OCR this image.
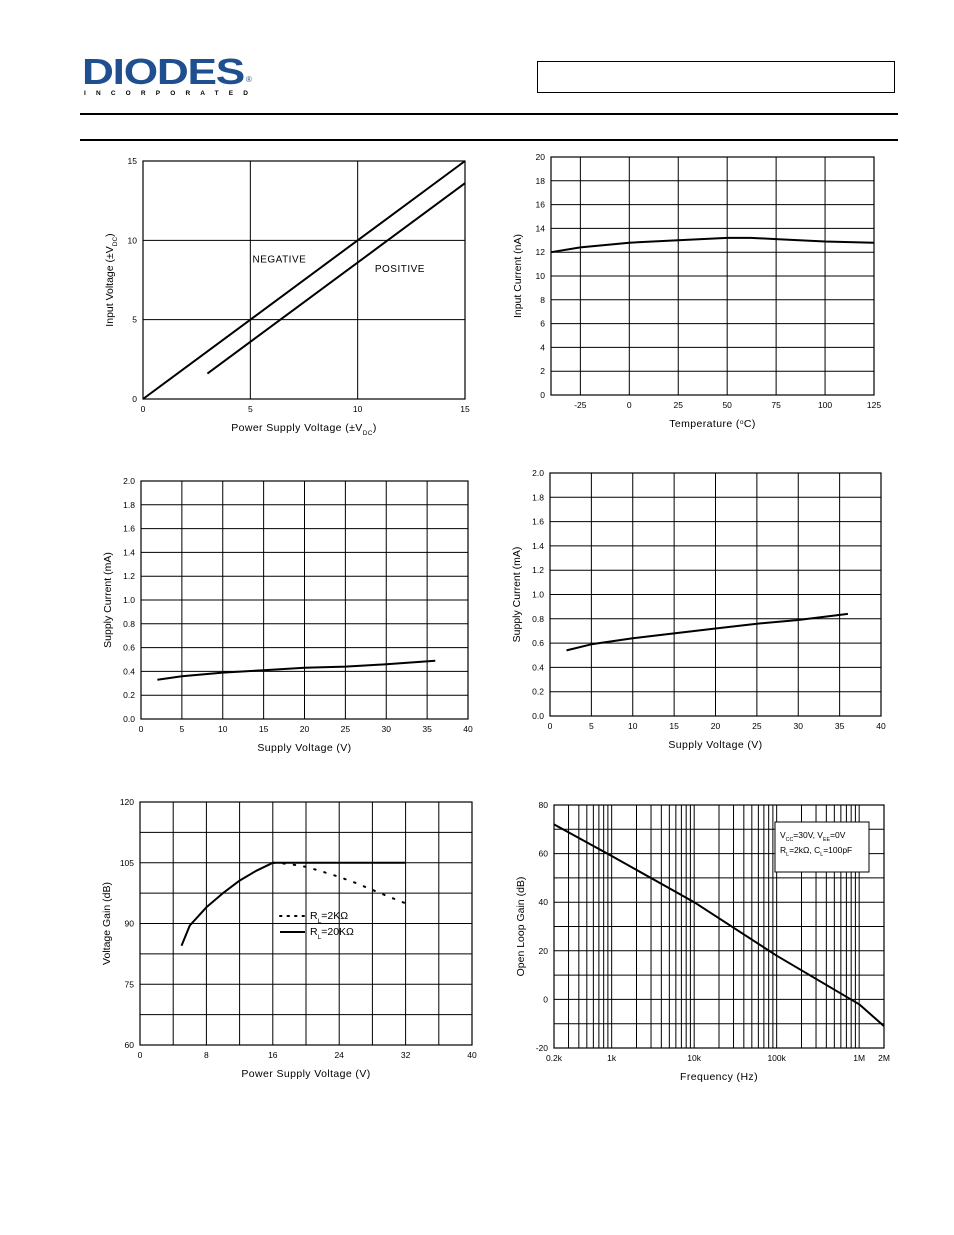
DIODES ®
INCORPORATED
0	5	10	15
0
5
10
15
Power Supply Voltage $(\pm V_{DC})$
Input Voltage $(\pm V_{DC})$
NEGATIVE
POSITIVE
-25	0	25	50	75	100	125
0
2
4
6
8
10
12
14
16
18
20
Temperature ($^o$C)
Input Current (nA)
0	5	10	15	20	25	30	35	40
0.0
0.2
0.4
0.6
0.8
1.0
1.2
1.4
1.6
1.8
2.0
Supply Voltage (V)
Supply Current (mA)
0	5	10	15	20	25	30	35	40
0.0
0.2
0.4
0.6
0.8
1.0
1.2
1.4
1.6
1.8
2.0
Supply Voltage (V)
Supply Current (mA)
0	8	16	24	32	40
60
75
90
105
120
Power Supply Voltage (V)
Voltage Gain (dB)	$R_L=2K\Omega$
$R_L=20K\Omega$
0.2k	1k	10k	100k	1M 2M
-20
0
20
40
60
80
Frequency (Hz)
Open Loop Gain (dB)
$V_{CC}=30V$, $V_{EE}=0V$
$R_L=2k\Omega$, $C_L=100pF$
